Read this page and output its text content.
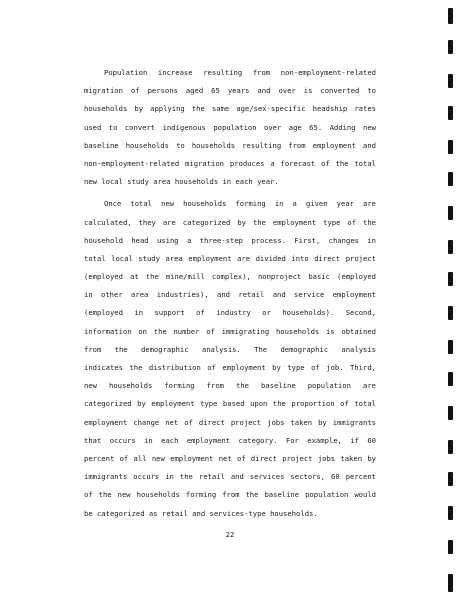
Population increase resulting from non-employment-related
migration of persons aged 65 years and over is converted to
households by applying the same age/sex-specific headship rates
used to convert indigenous population over age 65. Adding new
baseline households to households resulting from employment and
non-employment-related migration produces a forecast of the total
new local study area households in each year.
Once total new households forming in a given year are
calculated, they are categorized by the employment type of the
household head using a three-step process. First, changes in
total local study area employment are divided into direct project
(employed at the mine/mill complex), nonproject basic (employed
in other area industries), and retail and service employment
(employed in support of industry or households). Second,
information on the number of immigrating households is obtained
from the demographic analysis. The demographic analysis
indicates the distribution of employment by type of job. Third,
new households forming from the baseline population are
categorized by employment type based upon the proportion of total
employment change net of direct project jobs taken by immigrants
that occurs in each employment category. For example, if 60
percent of all new employment net of direct project jobs taken by
immigrants occurs in the retail and services sectors, 60 percent
of the new households forming from the baseline population would
be categorized as retail and services-type households.
22
